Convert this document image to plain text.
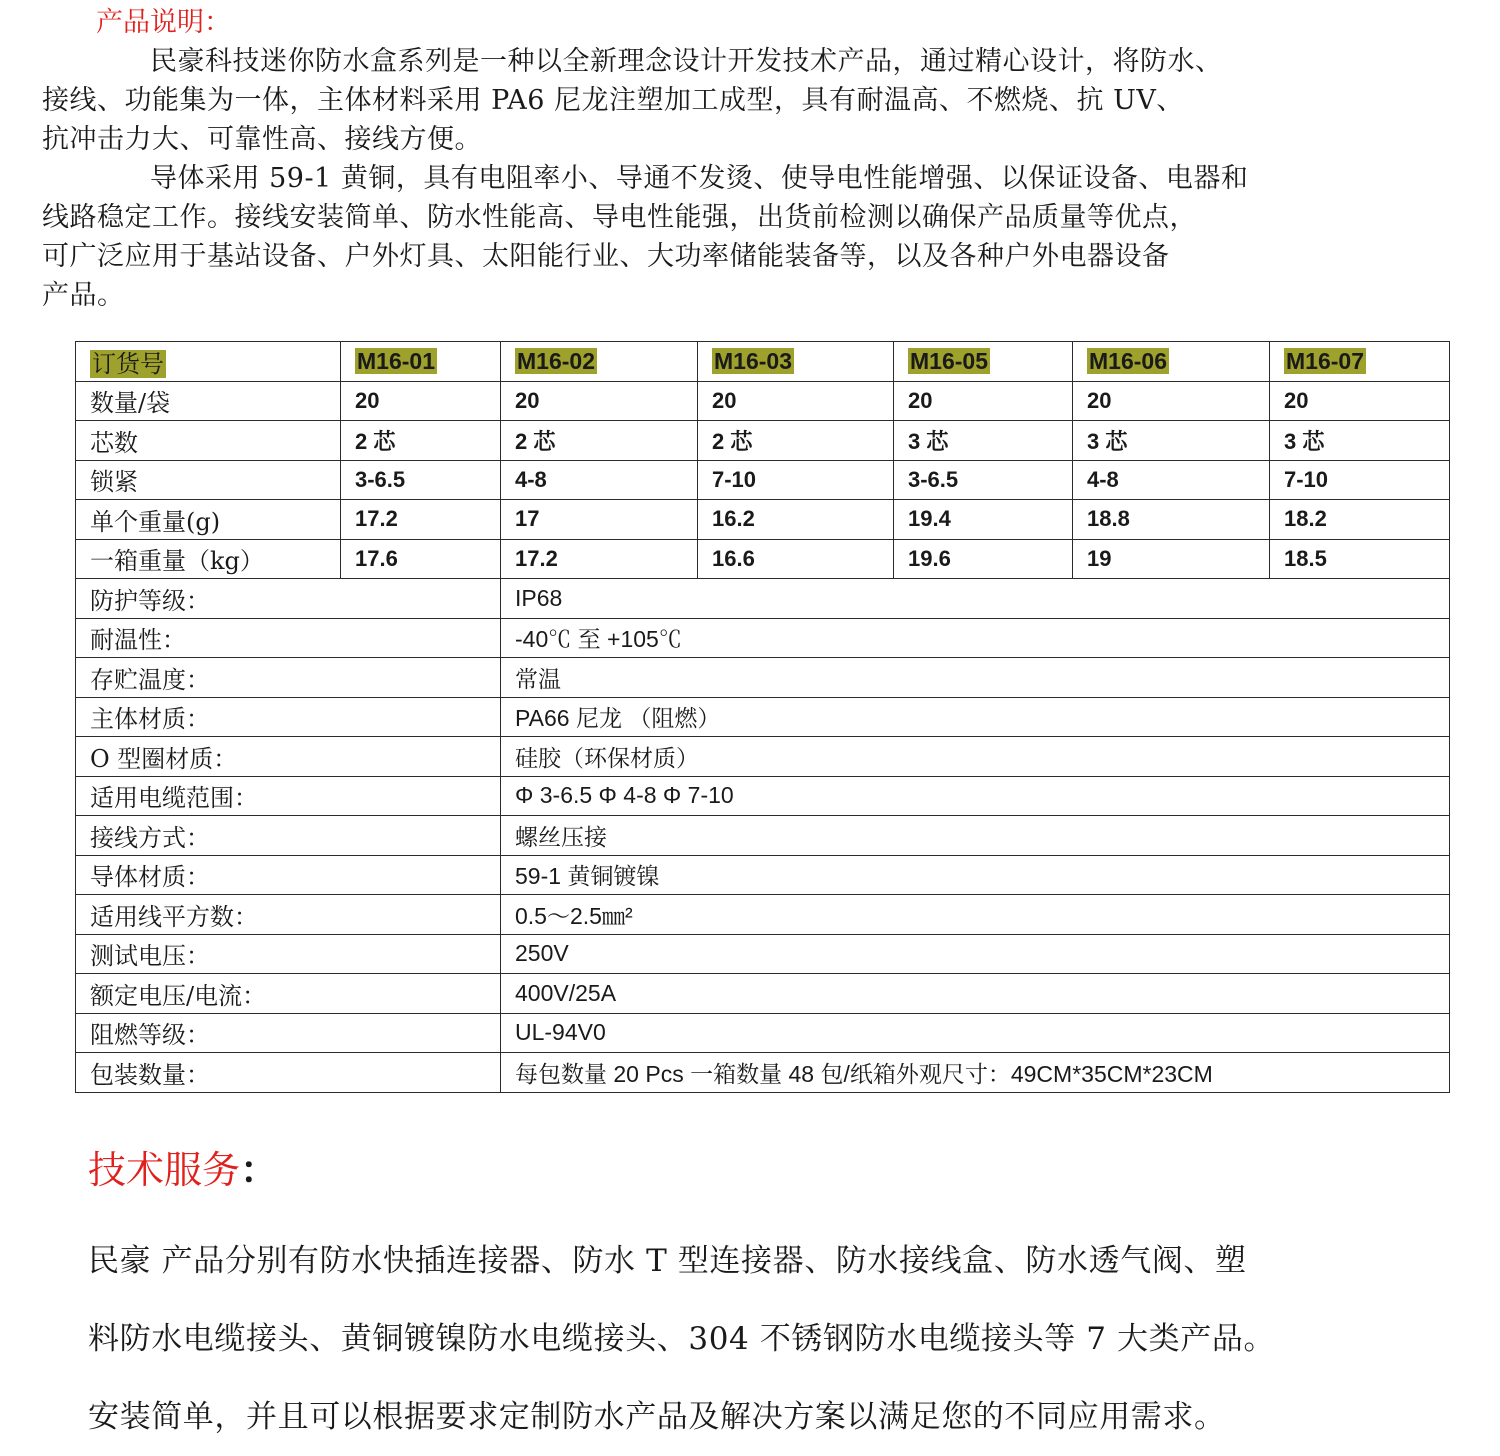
产品说明：

民豪科技迷你防水盒系列是一种以全新理念设计开发技术产品，通过精心设计，将防水、
接线、功能集为一体，主体材料采用 PA6 尼龙注塑加工成型，具有耐温高、不燃烧、抗 UV、
抗冲击力大、可靠性高、接线方便。

导体采用 59-1 黄铜，具有电阻率小、导通不发烫、使导电性能增强、以保证设备、电器和
线路稳定工作。接线安装简单、防水性能高、导电性能强，出货前检测以确保产品质量等优点，
可广泛应用于基站设备、户外灯具、太阳能行业、大功率储能装备等，以及各种户外电器设备
产品。

订货号	M16-01	M16-02	M16-03	M16-05	M16-06	M16-07
数量/袋	20	20	20	20	20	20
芯数	2 芯	2 芯	2 芯	3 芯	3 芯	3 芯
锁紧	3-6.5	4-8	7-10	3-6.5	4-8	7-10
单个重量(g)	17.2	17	16.2	19.4	18.8	18.2
一箱重量（kg）	17.6	17.2	16.6	19.6	19	18.5
防护等级：		IP68				
耐温性：		-40℃ 至 +105℃				
存贮温度：		常温				
主体材质：		PA66 尼龙 （阻燃）				
O 型圈材质：		硅胶（环保材质）				
适用电缆范围：		Φ 3-6.5 Φ 4-8 Φ 7-10				
接线方式：		螺丝压接				
导体材质：		59-1 黄铜镀镍				
适用线平方数：		0.5～2.5㎜²				
测试电压：		250V				
额定电压/电流：		400V/25A				
阻燃等级：		UL-94V0				
包装数量：		每包数量 20 Pcs 一箱数量 48 包/纸箱外观尺寸：49CM*35CM*23CM				
技术服务：
民豪 产品分别有防水快插连接器、防水 T 型连接器、防水接线盒、防水透气阀、塑
料防水电缆接头、黄铜镀镍防水电缆接头、304 不锈钢防水电缆接头等 7 大类产品。
安装简单，并且可以根据要求定制防水产品及解决方案以满足您的不同应用需求。
